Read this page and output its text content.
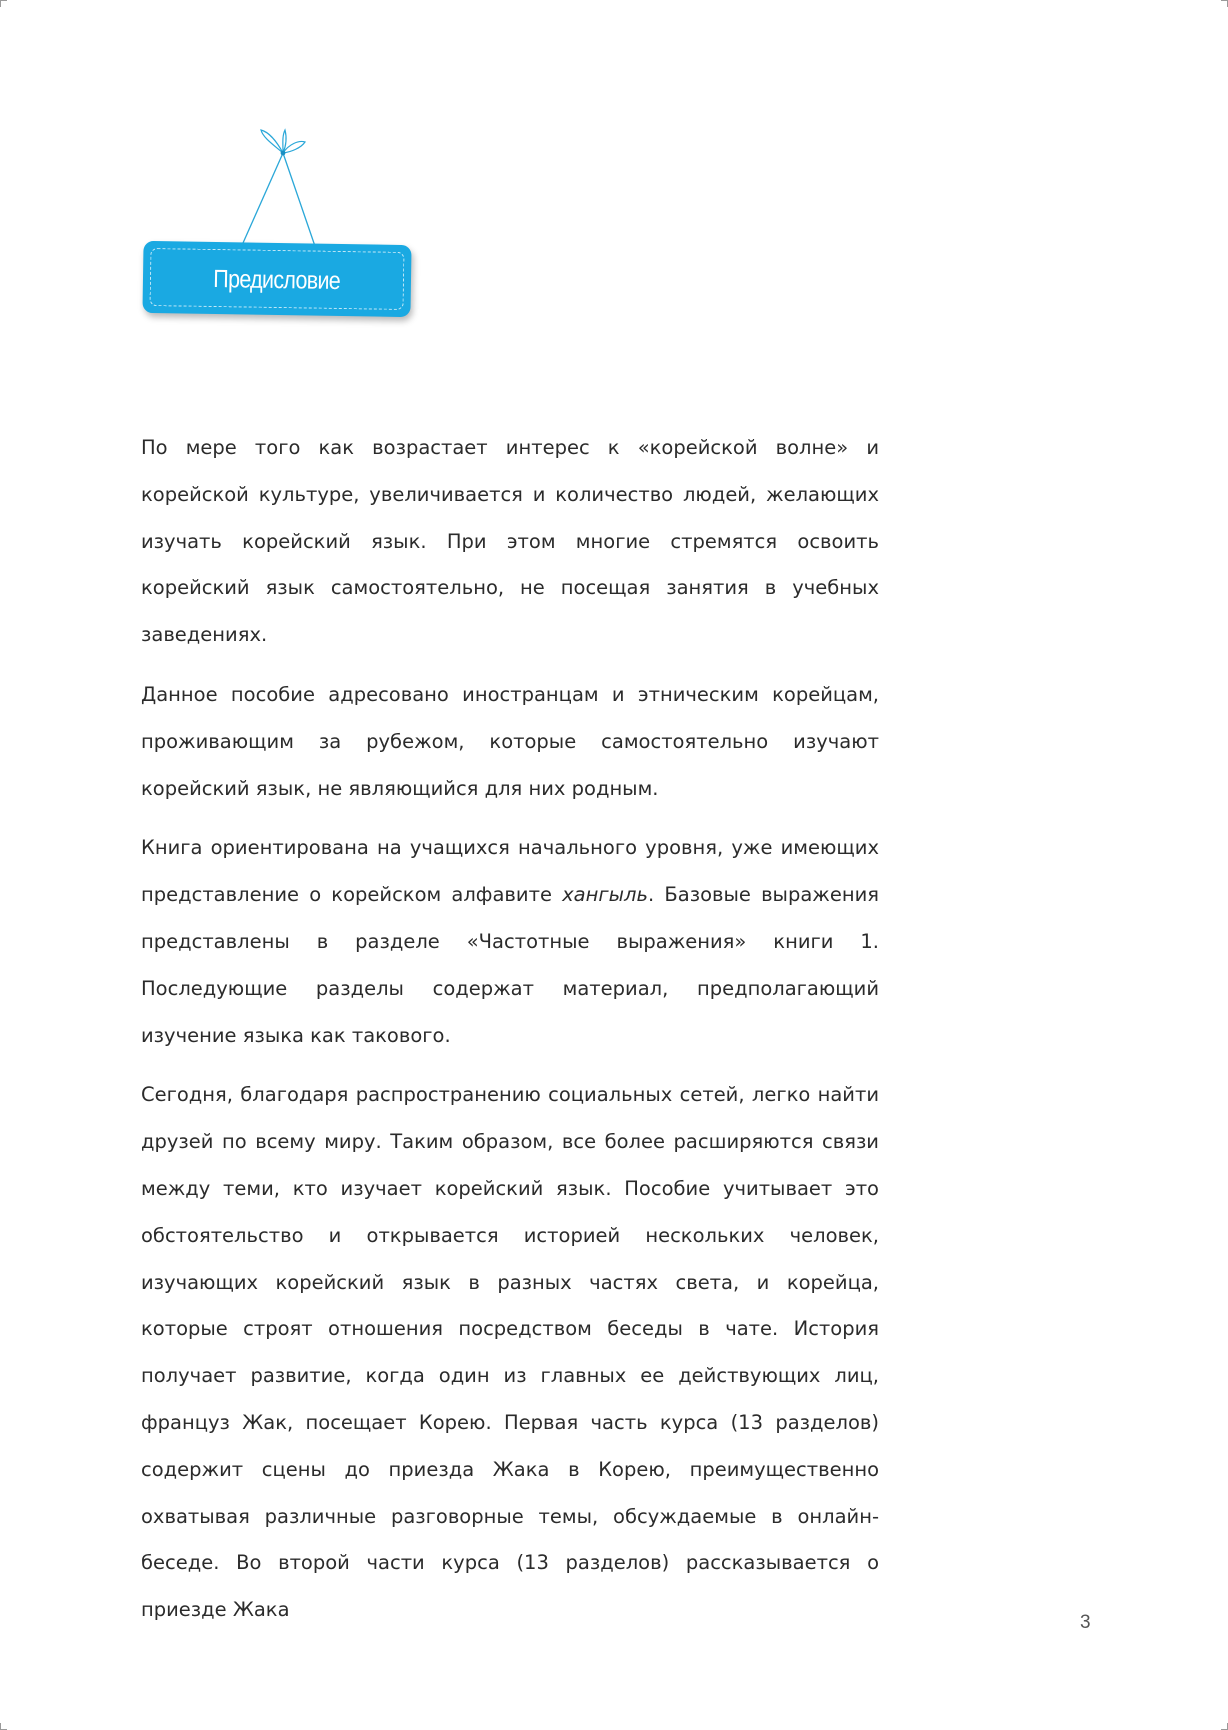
Предисловие

По мере того как возрастает интерес к «корейской волне» и корейской культуре, увеличивается и количество людей, желающих изучать корейский язык. При этом многие стремятся освоить корейский язык самостоятельно, не посещая занятия в учебных заведениях.

Данное пособие адресовано иностранцам и этническим корейцам, проживающим за рубежом, которые самостоятельно изучают корейский язык, не являющийся для них родным.

Книга ориентирована на учащихся начального уровня, уже имеющих представление о корейском алфавите хангыль. Базовые выражения представлены в разделе «Частотные выражения» книги 1. Последующие разделы содержат материал, предполагающий изучение языка как такового.

Сегодня, благодаря распространению социальных сетей, легко найти друзей по всему миру. Таким образом, все более расширяются связи между теми, кто изучает корейский язык. Пособие учитывает это обстоятельство и открывается историей нескольких человек, изучающих корейский язык в разных частях света, и корейца, которые строят отношения посредством беседы в чате. История получает развитие, когда один из главных ее действующих лиц, француз Жак, посещает Корею. Первая часть курса (13 разделов) содержит сцены до приезда Жака в Корею, преимущественно охватывая различные разговорные темы, обсуждаемые в онлайн-беседе. Во второй части курса (13 разделов) рассказывается о приезде Жака

3
